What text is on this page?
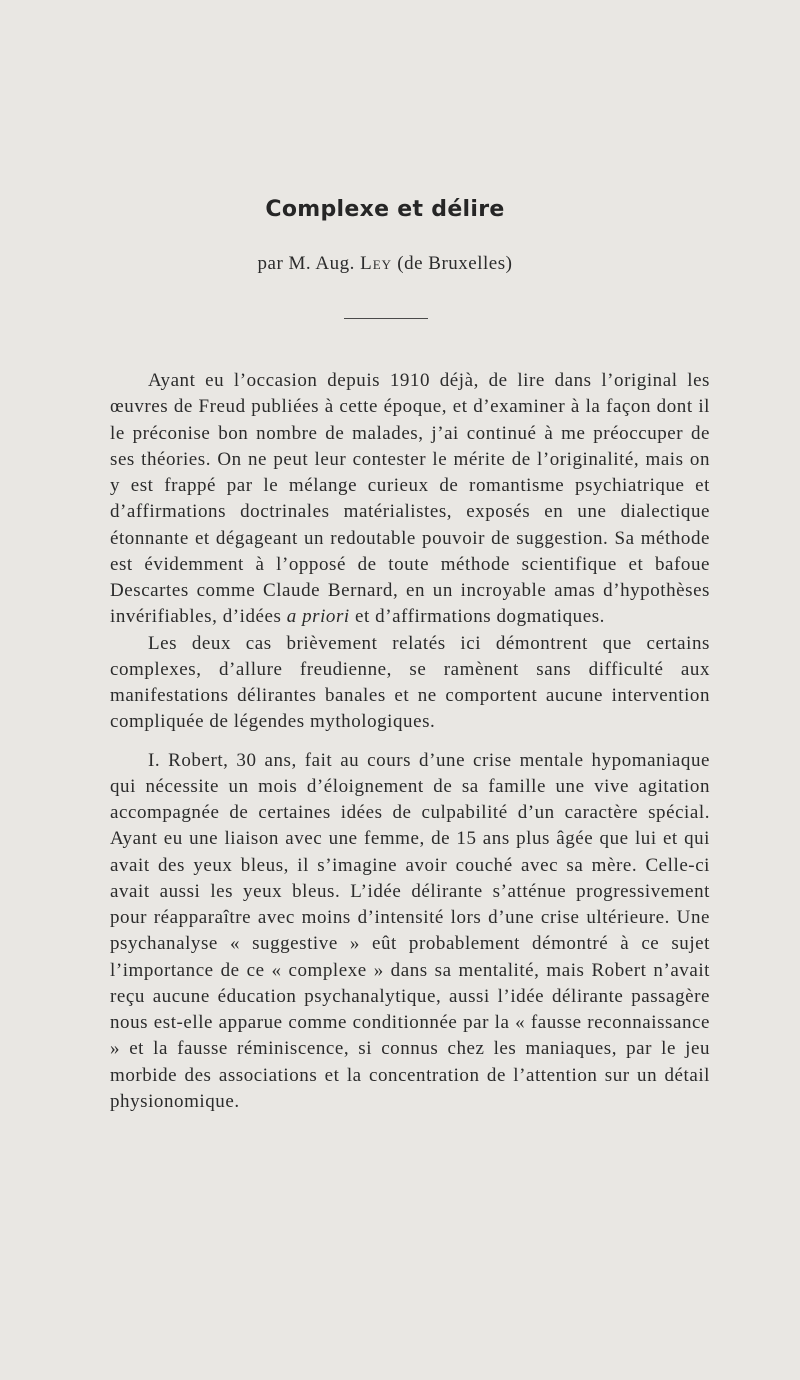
Complexe et délire
par M. Aug. Ley (de Bruxelles)

Ayant eu l’occasion depuis 1910 déjà, de lire dans l’original les œuvres de Freud publiées à cette époque, et d’examiner à la façon dont il le préconise bon nombre de malades, j’ai continué à me préoccuper de ses théories. On ne peut leur contester le mérite de l’originalité, mais on y est frappé par le mélange curieux de romantisme psychiatrique et d’affirmations doctrinales matérialistes, exposés en une dialectique étonnante et dégageant un redoutable pouvoir de suggestion. Sa méthode est évidemment à l’opposé de toute méthode scientifique et bafoue Descartes comme Claude Bernard, en un incroyable amas d’hypothèses invérifiables, d’idées a priori et d’affirmations dogmatiques.

Les deux cas brièvement relatés ici démontrent que certains complexes, d’allure freudienne, se ramènent sans difficulté aux manifestations délirantes banales et ne comportent aucune intervention compliquée de légendes mythologiques.

I. Robert, 30 ans, fait au cours d’une crise mentale hypomaniaque qui nécessite un mois d’éloignement de sa famille une vive agitation accompagnée de certaines idées de culpabilité d’un caractère spécial. Ayant eu une liaison avec une femme, de 15 ans plus âgée que lui et qui avait des yeux bleus, il s’imagine avoir couché avec sa mère. Celle-ci avait aussi les yeux bleus. L’idée délirante s’atténue progressivement pour réapparaître avec moins d’intensité lors d’une crise ultérieure. Une psychanalyse « suggestive » eût probablement démontré à ce sujet l’importance de ce « complexe » dans sa mentalité, mais Robert n’avait reçu aucune éducation psychanalytique, aussi l’idée délirante passagère nous est-elle apparue comme conditionnée par la « fausse reconnaissance » et la fausse réminiscence, si connus chez les maniaques, par le jeu morbide des associations et la concentration de l’attention sur un détail physionomique.
